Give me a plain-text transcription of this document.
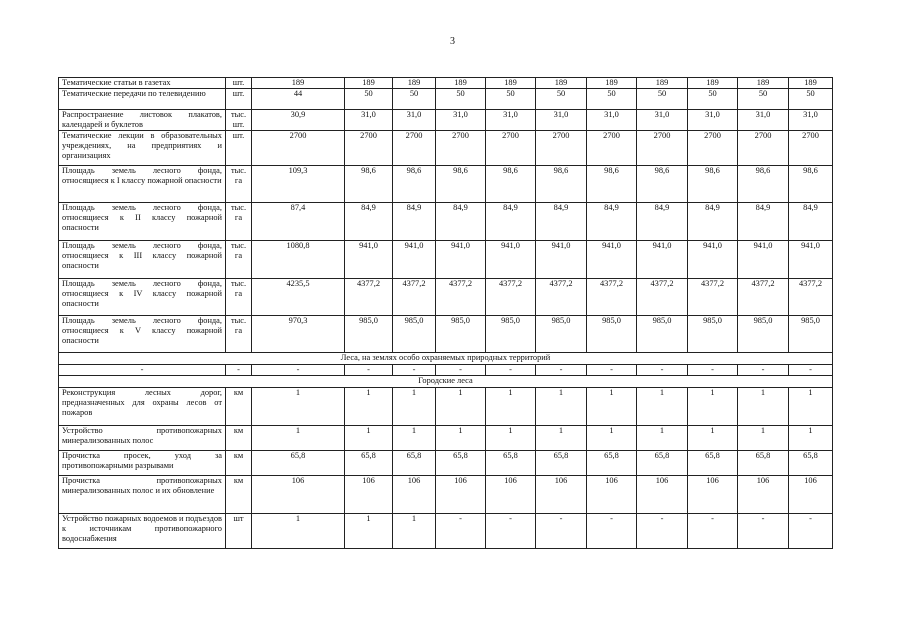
3
Тематические статьи в газетах	шт.	189	189	189	189	189	189	189	189	189	189	189
Тематические передачи по телевидению	шт.	44	50	50	50	50	50	50	50	50	50	50
Распространение листовок плакатов, календарей и буклетов	тыс. шт.	30,9	31,0	31,0	31,0	31,0	31,0	31,0	31,0	31,0	31,0	31,0
Тематические лекции в образовательных учреждениях, на предприятиях и организациях	шт.	2700	2700	2700	2700	2700	2700	2700	2700	2700	2700	2700
Площадь земель лесного фонда, относящиеся к I классу пожарной опасности	тыс. га	109,3	98,6	98,6	98,6	98,6	98,6	98,6	98,6	98,6	98,6	98,6
Площадь земель лесного фонда, относящиеся к II классу пожарной опасности	тыс. га	87,4	84,9	84,9	84,9	84,9	84,9	84,9	84,9	84,9	84,9	84,9
Площадь земель лесного фонда, относящиеся к III классу пожарной опасности	тыс. га	1080,8	941,0	941,0	941,0	941,0	941,0	941,0	941,0	941,0	941,0	941,0
Площадь земель лесного фонда, относящиеся к IV классу пожарной опасности	тыс. га	4235,5	4377,2	4377,2	4377,2	4377,2	4377,2	4377,2	4377,2	4377,2	4377,2	4377,2
Площадь земель лесного фонда, относящиеся к V классу пожарной опасности	тыс. га	970,3	985,0	985,0	985,0	985,0	985,0	985,0	985,0	985,0	985,0	985,0
Леса, на землях особо охраняемых природных территорий												
-	-	-	-	-	-	-	-	-	-	-	-	-
Городские леса												
Реконструкция лесных дорог, предназначенных для охраны лесов от пожаров	км	1	1	1	1	1	1	1	1	1	1	1
Устройство противопожарных минерализованных полос	км	1	1	1	1	1	1	1	1	1	1	1
Прочистка просек, уход за противопожарными разрывами	км	65,8	65,8	65,8	65,8	65,8	65,8	65,8	65,8	65,8	65,8	65,8
Прочистка противопожарных минерализованных полос и их обновление	км	106	106	106	106	106	106	106	106	106	106	106
Устройство пожарных водоемов и подъездов к источникам противопожарного водоснабжения	шт	1	1	1	-	-	-	-	-	-	-	-
